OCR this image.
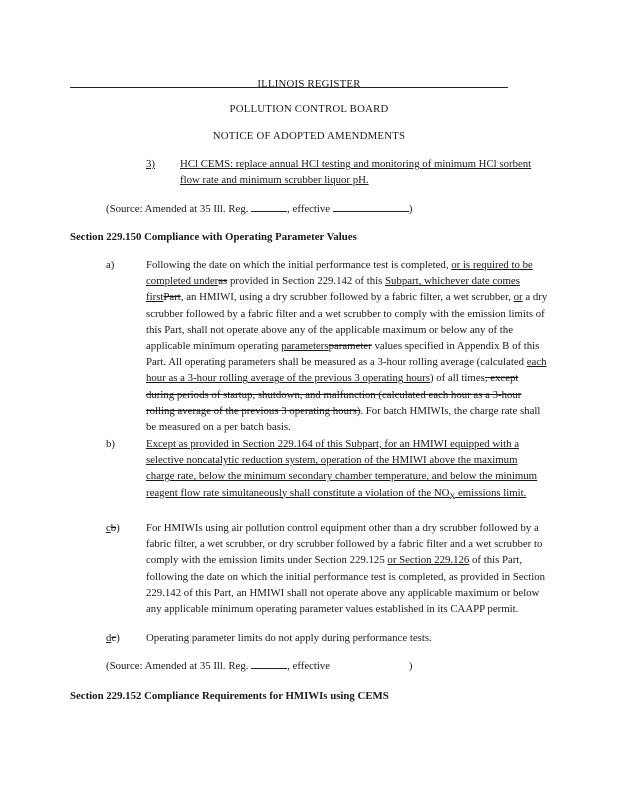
ILLINOIS REGISTER
POLLUTION CONTROL BOARD
NOTICE OF ADOPTED AMENDMENTS
3) HCl CEMS: replace annual HCl testing and monitoring of minimum HCl sorbent flow rate and minimum scrubber liquor pH.
(Source: Amended at 35 Ill. Reg.	, effective	)
Section 229.150 Compliance with Operating Parameter Values
a)	Following the date on which the initial performance test is completed, or is required to be completed underas provided in Section 229.142 of this Subpart, whichever date comes firstPart, an HMIWI, using a dry scrubber followed by a fabric filter, a wet scrubber, or a dry scrubber followed by a fabric filter and a wet scrubber to comply with the emission limits of this Part, shall not operate above any of the applicable maximum or below any of the applicable minimum operating parametersparameter values specified in Appendix B of this Part. All operating parameters shall be measured as a 3-hour rolling average (calculated each hour as a 3-hour rolling average of the previous 3 operating hours) of all times, except during periods of startup, shutdown, and malfunction (calculated each hour as a 3-hour rolling average of the previous 3 operating hours). For batch HMIWIs, the charge rate shall be measured on a per batch basis.
b)	Except as provided in Section 229.164 of this Subpart, for an HMIWI equipped with a selective noncatalytic reduction system, operation of the HMIWI above the maximum charge rate, below the minimum secondary chamber temperature, and below the minimum reagent flow rate simultaneously shall constitute a violation of the $NO_X$ emissions limit.
cb) For HMIWIs using air pollution control equipment other than a dry scrubber followed by a fabric filter, a wet scrubber, or dry scrubber followed by a fabric filter and a wet scrubber to comply with the emission limits under Section 229.125 or Section 229.126 of this Part, following the date on which the initial performance test is completed, as provided in Section 229.142 of this Part, an HMIWI shall not operate above any applicable maximum or below any applicable minimum operating parameter values established in its CAAPP permit.
dc) Operating parameter limits do not apply during performance tests.
(Source: Amended at 35 Ill. Reg.	, effective	)
Section 229.152 Compliance Requirements for HMIWIs using CEMS
